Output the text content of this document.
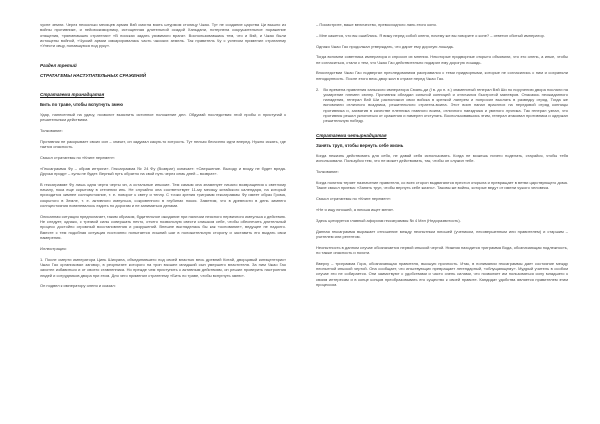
чусне земли. Через несколько месяцев армия Вэй смогла взять штурмом столицу Чжао. Тут не создание царства Ци вышло из войны противнике, и нейоюскиморнику, истощенная длительной осадой Ханьдани, потерпела сокрушительное поражение отящения, «ряемемышек стратегии» «В поисках задать уязвимого врага». Воспользовавшись тем, что и Вэй, и Чжао были истощены войной, «Чуский армии омкарировалась часть чжоских земель. Так правитель Чу с успехом применил стратагему «Унести овцу, попавшуюся под руку».

Раздел третий
СТРАТАГЕМЫ НАСТУПАТЕЛЬНЫХ СРАЖЕНИЙ
Стратагема тринадцатая
Бить по траве, чтобы вспугнуть змею

Удар, нанесенный на удачу, позволит выяснить истинное положение дел. Обдумай последствия этой пробы и приступай к решительным действиям.

Толкование:

Противник не раскрывает своих сил – значит, он задумал какую-то хитрость. Тут нельзя бесчинно идти вперед. Нужно искать, где таится опасность.

Смысл стратагемы по «Книге перемен»:

«Гексаграмма Фу – обрав интриги». Гексаграмма № 24 Фу (Возврат) означает: «Свершение. Выходу и входу не будет вреда. Друзья придут – хулы не будет. Верный путь обратно на свой путь через семь дней – возврат».

В гексаграмме Фу лишь одна черта черты ян, а остальные иньские. Тем самым она знаменует начало возвращения к светлому началу, пока еще скрытому в стечении инь. Не случайно она соответствует 11-му месяцу китайского календаря, на который приходится зимнее солнцестояние, т. е. поворот к свету и теплу. С точки зрения триграмм гексаграммы Фу имеет образ Грома, сокрытого в Земле, т. е. активного импульса, сокровенного в глубинах покоя. Заметим, что в древности в день зимнего солнцестояния повелевалось ездить по дорогам и не заниматься делами.

Описанная ситуация предполагает, таким образом, будительное ожидание при наличии неясного первичного импульса к действию. Не следует, однако, с трезвой силы совершать нечто, отчего позвольную свести слишком себе, чтобы обеспечить длительный процесс достойно огромный восстановления и разрушений. Внешне выгляделась бы как «основание», ведущее не надолго. Вместе с тем подобная ситуация постоянно попытается лишний шаг в положительную сторону и заставить его выдать свои намерения.

Иллюстрация:

1. После смерти императора Цинь Шихуана, объединившего под своей властью весь древний Китай, дворцовый кинэцентэрист Чжао Гао организовал заговор, в результате которого на трон взошел младший сын умершего властителя. За ним Чжао Гао захотел избавиться и от своего ставленника. Но прежде чем приступить к активным действиям, он решил проверить настроения людей и сотрудников двора при этом. Для чего применил стратегему «Бить по траве, чтобы вспугнуть змею».

Он подвел к императору оленя и сказал:

– Посмотрите, ваше величество, превосходного лань этого коня.

– Мне кажется, что вы ошиблись. Я вижу перед собой оленя, почему же вы говорите о коне? – ответил сбитый император.

Однако Чжао Гао продолжал утверждать, что дарит ему дорогую лошадь.

Тогда вспомни советника императора и спросил их мнения. Некоторые придворные открыто объявили, что это олень, а иные, чтобы не согласиться, стали с тем, что Чжао Гао действительно подарил ему дорогую лошадь.

Впоследствии Чжао Гао подвергал преследованиям расправился с теми придворными, которые не согласились с ним и сохраняли неподкупность. После этого весь двор жил в страхе перед Чжао Гао.

2. Во времена правления ханьского императора Сюань-ди (I в. до н. э.) знаменитый генерал Вэй Ши по поручению двора послали на усмирение племен сюнну. Противник обладал сильной конницей и отличался быстротой маневров. Опасаясь неожиданного нападения, генерал Вэй Ши расположил свои войска в крепкой лагерем и попросил выслать в разведку отряд. Тогда же вспомнили отличного всадника, решительного стратега-воина. Этот воин напал врасплох на передовой отряд конницы противника и, захватив в качестве пленника главного воина, отличного наездника и умелого лучника. Так генерал узнал, что противник решил уклоняться от сражения и намерен отступать. Воспользовавшись этим, генерал атаковал противника и одержал решительную победу.

Стратагема четырнадцатая
Занять труп, чтобы вернуть себе жизнь

Когда нежизнь действовать для себя, не давай себя использовать. Когда не можешь ничего поделать, старайся, чтобы тебя использовали. Пользуйся тем, что не может действовать, так, чтобы он служил тебе.

Толкование:

Когда политик теряет назначение правителя, со всех сторон выдвигаются престол открыла и превращает в ветви царствующего дома. Такие смысл приема: «Занять труп, чтобы вернуть себе жизнь». Таковы же войны, которые ведут от имени чужого человека.

Смысл стратагемы по «Книге перемен»:

«Не я ищу юношей, а юноша ищет меня».

Здесь цитируется главный афоризм гексаграммы № 4 Мэн (Недоразвитость).

Данная гексаграмма выражает отношение между неопытным юношей (учеником, несовершенным или правителем) и старшим – учителем или регентом.

Неопытность в данном случае обозначается первой иньской чертой. Нижняя находится триграмма Вода, обозначающая подлежность, но также опасность и похоти.

Вверху – триграмма Гора, обозначающая правителя, высшую прочность. Итак, в понимании гексаграммы дает состояние между неопытной иньской чертой. Она сообщает, что иньствующих превращает легендарный, «облущающему». Мудрый учитель в особом случае это не собирается. Они заимствуют с удобствами и часто очень силами, что позволяет им пользоваться силу младшего к своим интересам и в конце концов преобразовывать его существо к своей правоте. Кандидат удобства является правителем этим процессом.
